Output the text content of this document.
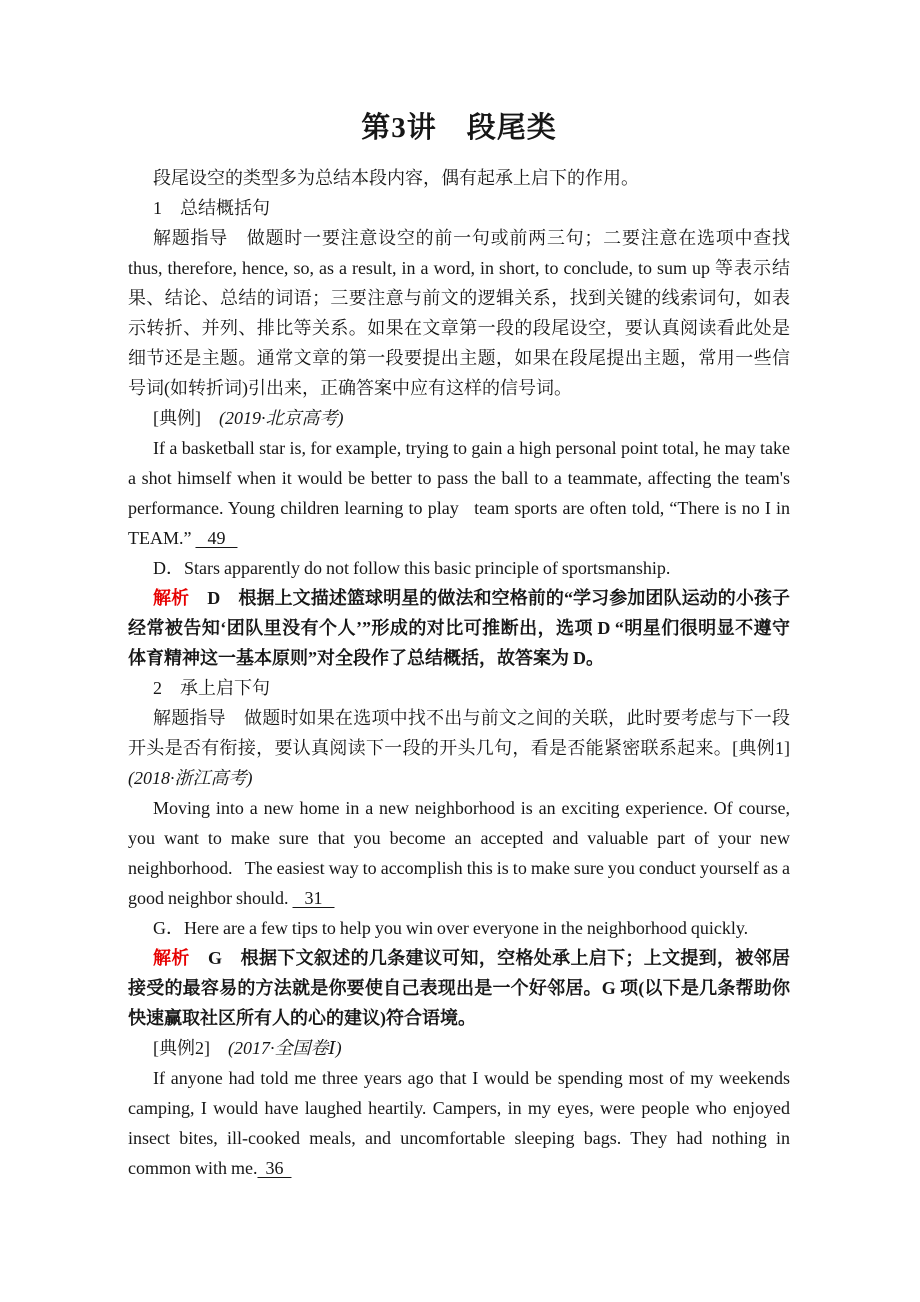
第3讲　段尾类

段尾设空的类型多为总结本段内容，偶有起承上启下的作用。

1　总结概括句

解题指导　做题时一要注意设空的前一句或前两三句；二要注意在选项中查找 thus, therefore, hence, so, as a result, in a word, in short, to conclude, to sum up 等表示结果、结论、总结的词语；三要注意与前文的逻辑关系，找到关键的线索词句，如表示转折、并列、排比等关系。如果在文章第一段的段尾设空，要认真阅读看此处是细节还是主题。通常文章的第一段要提出主题，如果在段尾提出主题，常用一些信号词(如转折词)引出来，正确答案中应有这样的信号词。

[典例]　(2019·北京高考)

If a basketball star is, for example, trying to gain a high personal point total, he may take a shot himself when it would be better to pass the ball to a teammate, affecting the team's performance. Young children learning to play   team sports are often told, “There is no I in TEAM.”    49

D．Stars apparently do not follow this basic principle of sportsmanship.

解析　D　根据上文描述篮球明星的做法和空格前的“学习参加团队运动的小孩子经常被告知‘团队里没有个人’”形成的对比可推断出，选项 D “明星们很明显不遵守体育精神这一基本原则”对全段作了总结概括，故答案为 D。

2　承上启下句

解题指导　做题时如果在选项中找不出与前文之间的关联，此时要考虑与下一段开头是否有衔接，要认真阅读下一段的开头几句，看是否能紧密联系起来。[典例1]　(2018·浙江高考)

Moving into a new home in a new neighborhood is an exciting experience. Of course, you want to make sure that you become an accepted and valuable part of your new neighborhood.   The easiest way to accomplish this is to make sure you conduct yourself as a good neighbor should.    31

G．Here are a few tips to help you win over everyone in the neighborhood quickly.

解析　G　根据下文叙述的几条建议可知，空格处承上启下；上文提到，被邻居接受的最容易的方法就是你要使自己表现出是一个好邻居。G 项(以下是几条帮助你快速赢取社区所有人的心的建议)符合语境。

[典例2]　(2017·全国卷Ⅰ)

If anyone had told me three years ago that I would be spending most of my weekends camping, I would have laughed heartily. Campers, in my eyes, were people who enjoyed insect bites, ill-cooked meals, and uncomfortable sleeping bags. They had nothing in common with me.  36
